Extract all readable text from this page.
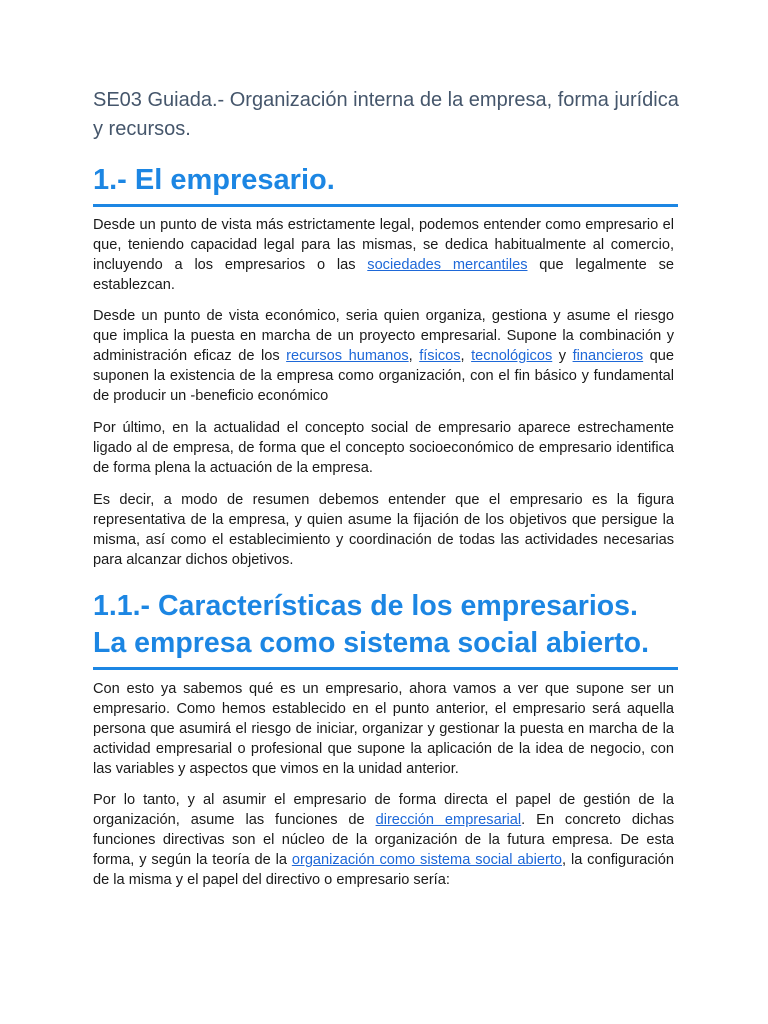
SE03 Guiada.- Organización interna de la empresa, forma jurídica y recursos.
1.- El empresario.

Desde un punto de vista más estrictamente legal, podemos entender como empresario el que, teniendo capacidad legal para las mismas, se dedica habitualmente al comercio, incluyendo a los empresarios o las sociedades mercantiles que legalmente se establezcan.

Desde un punto de vista económico, seria quien organiza, gestiona y asume el riesgo que implica la puesta en marcha de un proyecto empresarial. Supone la combinación y administración eficaz de los recursos humanos, físicos, tecnológicos y financieros que suponen la existencia de la empresa como organización, con el fin básico y fundamental de producir un -beneficio económico

Por último, en la actualidad el concepto social de empresario aparece estrechamente ligado al de empresa, de forma que el concepto socioeconómico de empresario identifica de forma plena la actuación de la empresa.

Es decir, a modo de resumen debemos entender que el empresario es la figura representativa de la empresa, y quien asume la fijación de los objetivos que persigue la misma, así como el establecimiento y coordinación de todas las actividades necesarias para alcanzar dichos objetivos.

1.1.- Características de los empresarios. La empresa como sistema social abierto.

Con esto ya sabemos qué es un empresario, ahora vamos a ver que supone ser un empresario. Como hemos establecido en el punto anterior, el empresario será aquella persona que asumirá el riesgo de iniciar, organizar y gestionar la puesta en marcha de la actividad empresarial o profesional que supone la aplicación de la idea de negocio, con las variables y aspectos que vimos en la unidad anterior.

Por lo tanto, y al asumir el empresario de forma directa el papel de gestión de la organización, asume las funciones de dirección empresarial. En concreto dichas funciones directivas son el núcleo de la organización de la futura empresa. De esta forma, y según la teoría de la organización como sistema social abierto, la configuración de la misma y el papel del directivo o empresario sería:
